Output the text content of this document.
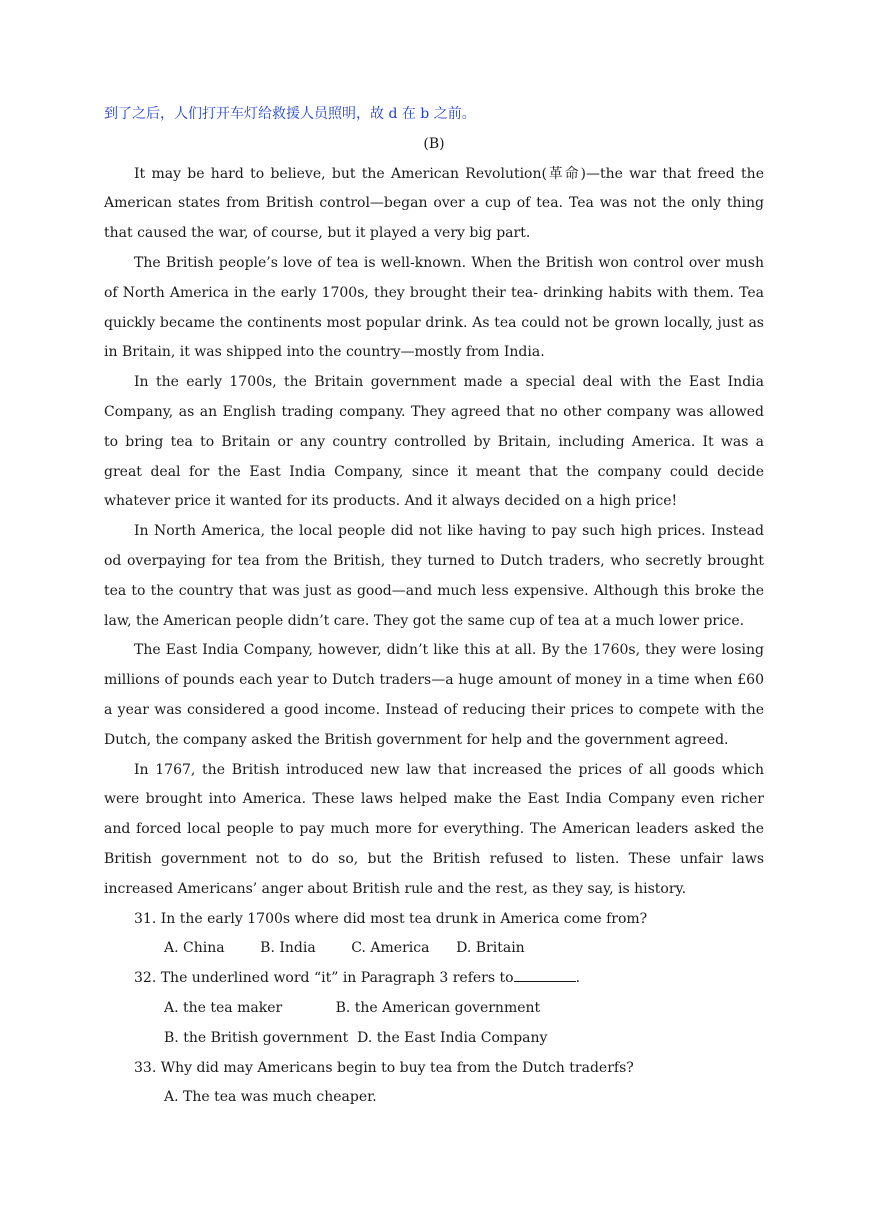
到了之后，人们打开车灯给救援人员照明，故 d 在 b 之前。
(B)

It may be hard to believe, but the American Revolution(革命)—the war that freed the American states from British control—began over a cup of tea. Tea was not the only thing that caused the war, of course, but it played a very big part.

The British people’s love of tea is well-known. When the British won control over mush of North America in the early 1700s, they brought their tea- drinking habits with them. Tea quickly became the continents most popular drink. As tea could not be grown locally, just as in Britain, it was shipped into the country—mostly from India.

In the early 1700s, the Britain government made a special deal with the East India Company, as an English trading company. They agreed that no other company was allowed to bring tea to Britain or any country controlled by Britain, including America. It was a great deal for the East India Company, since it meant that the company could decide whatever price it wanted for its products. And it always decided on a high price!

In North America, the local people did not like having to pay such high prices. Instead od overpaying for tea from the British, they turned to Dutch traders, who secretly brought tea to the country that was just as good—and much less expensive. Although this broke the law, the American people didn’t care. They got the same cup of tea at a much lower price.

The East India Company, however, didn’t like this at all. By the 1760s, they were losing millions of pounds each year to Dutch traders—a huge amount of money in a time when £60 a year was considered a good income. Instead of reducing their prices to compete with the Dutch, the company asked the British government for help and the government agreed.

In 1767, the British introduced new law that increased the prices of all goods which were brought into America. These laws helped make the East India Company even richer and forced local people to pay much more for everything. The American leaders asked the British government not to do so, but the British refused to listen. These unfair laws increased Americans’ anger about British rule and the rest, as they say, is history.

31. In the early 1700s where did most tea drunk in America come from?
A. China        B. India        C. America      D. Britain
32. The underlined word “it” in Paragraph 3 refers to	.
A. the tea maker            B. the American government
B. the British government  D. the East India Company
33. Why did may Americans begin to buy tea from the Dutch traderfs?
A. The tea was much cheaper.
